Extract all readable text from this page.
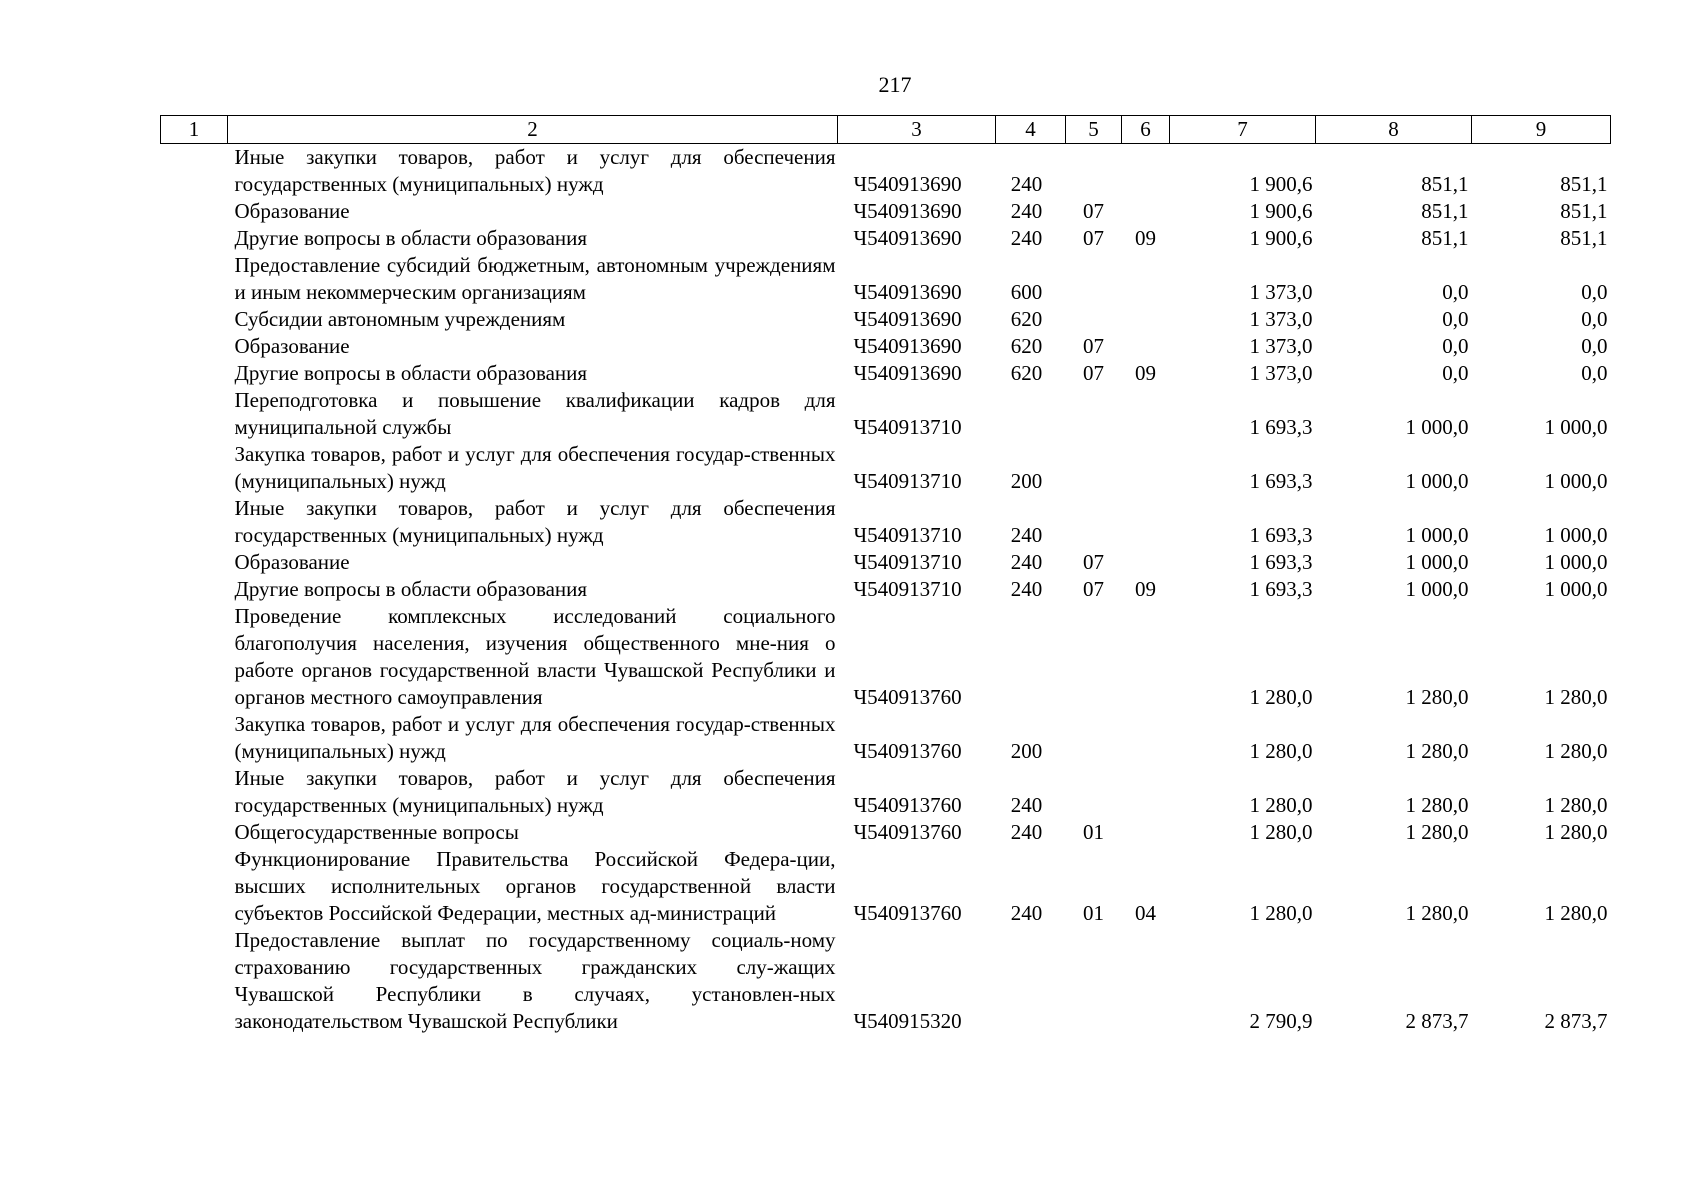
217
1	2	3	4	5	6	7	8	9
	Иные закупки товаров, работ и услуг для обеспечения государственных (муниципальных) нужд	Ч540913690	240			1 900,6	851,1	851,1
	Образование	Ч540913690	240	07		1 900,6	851,1	851,1
	Другие вопросы в области образования	Ч540913690	240	07	09	1 900,6	851,1	851,1
	Предоставление субсидий бюджетным, автономным учреждениям и иным некоммерческим организациям	Ч540913690	600			1 373,0	0,0	0,0
	Субсидии автономным учреждениям	Ч540913690	620			1 373,0	0,0	0,0
	Образование	Ч540913690	620	07		1 373,0	0,0	0,0
	Другие вопросы в области образования	Ч540913690	620	07	09	1 373,0	0,0	0,0
	Переподготовка и повышение квалификации кадров для муниципальной службы	Ч540913710				1 693,3	1 000,0	1 000,0
	Закупка товаров, работ и услуг для обеспечения государ-ственных (муниципальных) нужд	Ч540913710	200			1 693,3	1 000,0	1 000,0
	Иные закупки товаров, работ и услуг для обеспечения государственных (муниципальных) нужд	Ч540913710	240			1 693,3	1 000,0	1 000,0
	Образование	Ч540913710	240	07		1 693,3	1 000,0	1 000,0
	Другие вопросы в области образования	Ч540913710	240	07	09	1 693,3	1 000,0	1 000,0
	Проведение комплексных исследований социального благополучия населения, изучения общественного мне-ния о работе органов государственной власти Чувашской Республики и органов местного самоуправления	Ч540913760				1 280,0	1 280,0	1 280,0
	Закупка товаров, работ и услуг для обеспечения государ-ственных (муниципальных) нужд	Ч540913760	200			1 280,0	1 280,0	1 280,0
	Иные закупки товаров, работ и услуг для обеспечения государственных (муниципальных) нужд	Ч540913760	240			1 280,0	1 280,0	1 280,0
	Общегосударственные вопросы	Ч540913760	240	01		1 280,0	1 280,0	1 280,0
	Функционирование Правительства Российской Федера-ции, высших исполнительных органов государственной власти субъектов Российской Федерации, местных ад-министраций	Ч540913760	240	01	04	1 280,0	1 280,0	1 280,0
	Предоставление выплат по государственному социаль-ному страхованию государственных гражданских слу-жащих Чувашской Республики в случаях, установлен-ных законодательством Чувашской Республики	Ч540915320				2 790,9	2 873,7	2 873,7
